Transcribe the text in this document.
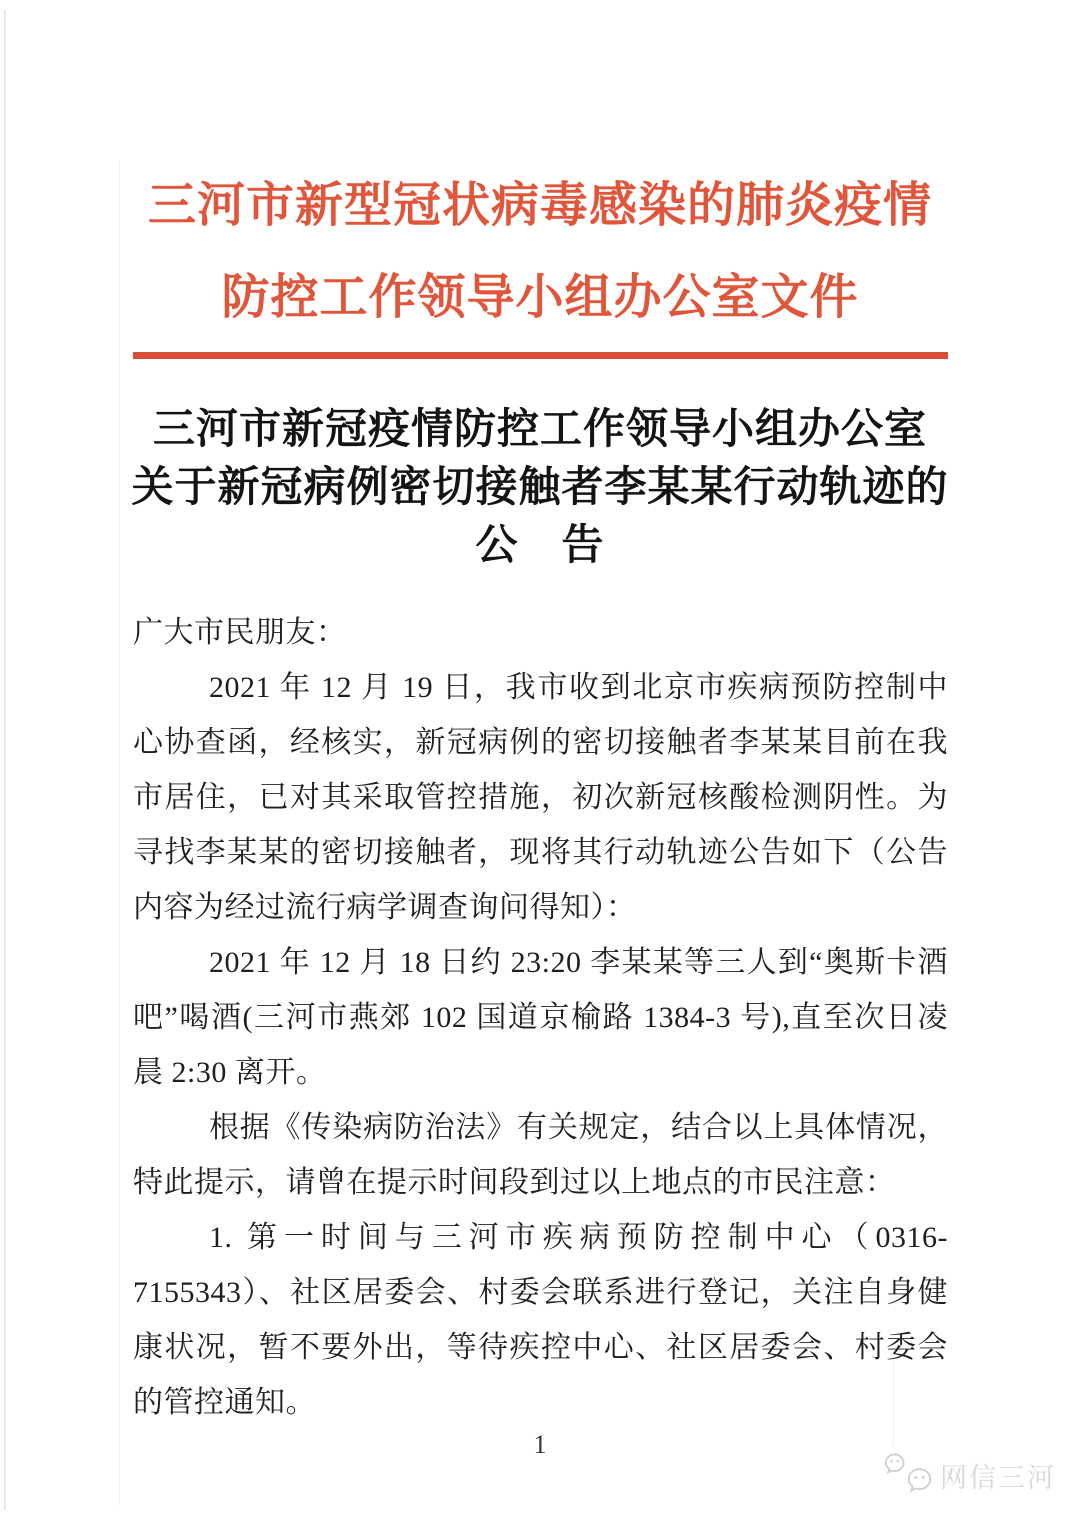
三河市新型冠状病毒感染的肺炎疫情
防控工作领导小组办公室文件
三河市新冠疫情防控工作领导小组办公室
关于新冠病例密切接触者李某某行动轨迹的
公　告

广大市民朋友：

2021 年 12 月 19 日，我市收到北京市疾病预防控制中心协查函，经核实，新冠病例的密切接触者李某某目前在我市居住，已对其采取管控措施，初次新冠核酸检测阴性。为寻找李某某的密切接触者，现将其行动轨迹公告如下（公告内容为经过流行病学调查询问得知）：

2021 年 12 月 18 日约 23:20 李某某等三人到“奥斯卡酒吧”喝酒(三河市燕郊 102 国道京榆路 1384-3 号),直至次日凌晨 2:30 离开。

根据《传染病防治法》有关规定，结合以上具体情况，特此提示，请曾在提示时间段到过以上地点的市民注意：

1. 第一时间与三河市疾病预防控制中心（0316-7155343）、社区居委会、村委会联系进行登记，关注自身健康状况，暂不要外出，等待疾控中心、社区居委会、村委会的管控通知。

1
网信三河
